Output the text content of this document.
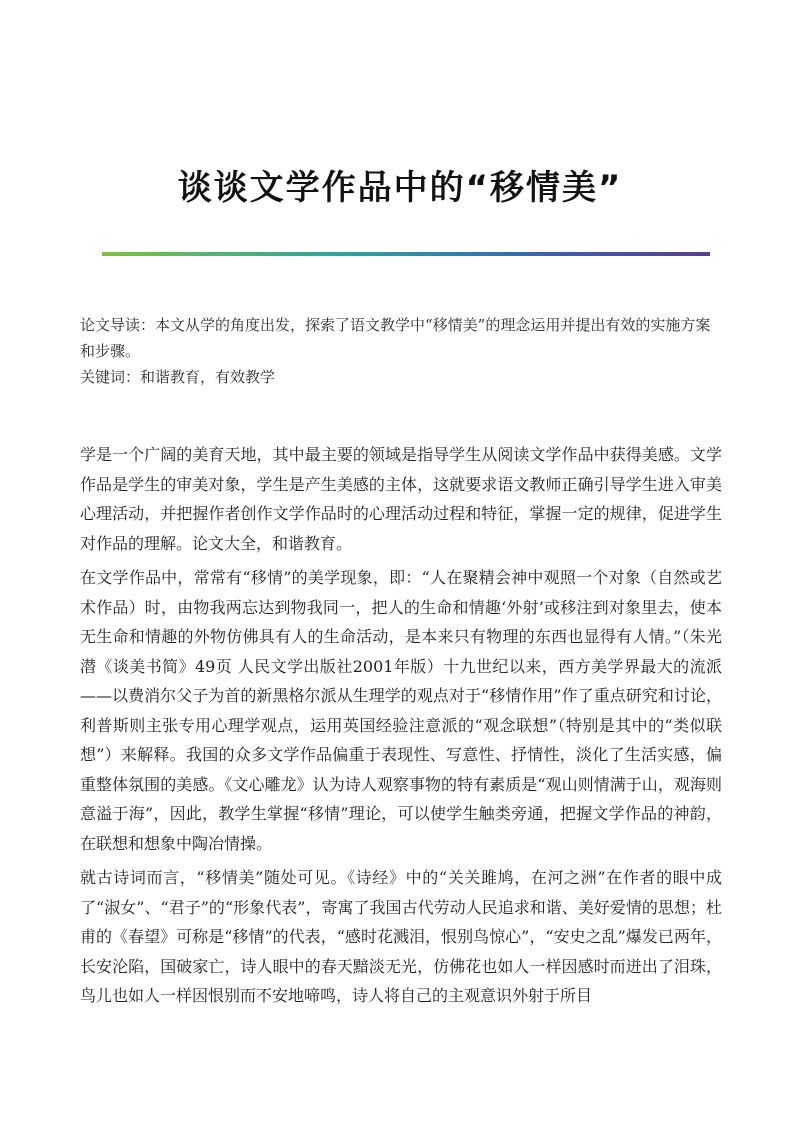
谈谈文学作品中的“移情美”

论文导读：本文从学的角度出发，探索了语文教学中“移情美”的理念运用并提出有效的实施方案和步骤。

关键词：和谐教育，有效教学

学是一个广阔的美育天地，其中最主要的领域是指导学生从阅读文学作品中获得美感。文学作品是学生的审美对象，学生是产生美感的主体，这就要求语文教师正确引导学生进入审美心理活动，并把握作者创作文学作品时的心理活动过程和特征，掌握一定的规律，促进学生对作品的理解。论文大全，和谐教育。

在文学作品中，常常有“移情”的美学现象，即：“人在聚精会神中观照一个对象（自然或艺术作品）时，由物我两忘达到物我同一，把人的生命和情趣‘外射’或移注到对象里去，使本无生命和情趣的外物仿佛具有人的生命活动，是本来只有物理的东西也显得有人情。”（朱光潜《谈美书简》49页 人民文学出版社2001年版）十九世纪以来，西方美学界最大的流派——以费消尔父子为首的新黑格尔派从生理学的观点对于“移情作用”作了重点研究和讨论，利普斯则主张专用心理学观点，运用英国经验注意派的“观念联想”（特别是其中的“类似联想”）来解释。我国的众多文学作品偏重于表现性、写意性、抒情性，淡化了生活实感，偏重整体氛围的美感。《文心雕龙》认为诗人观察事物的特有素质是“观山则情满于山，观海则意溢于海”，因此，教学生掌握“移情”理论，可以使学生触类旁通，把握文学作品的神韵，在联想和想象中陶冶情操。

就古诗词而言，“移情美”随处可见。《诗经》中的“关关雎鸠，在河之洲”在作者的眼中成了“淑女”、“君子”的“形象代表”，寄寓了我国古代劳动人民追求和谐、美好爱情的思想；杜甫的《春望》可称是“移情”的代表，“感时花溅泪，恨别鸟惊心”，“安史之乱”爆发已两年，长安沦陷，国破家亡，诗人眼中的春天黯淡无光，仿佛花也如人一样因感时而迸出了泪珠，鸟儿也如人一样因恨别而不安地啼鸣，诗人将自己的主观意识外射于所目
